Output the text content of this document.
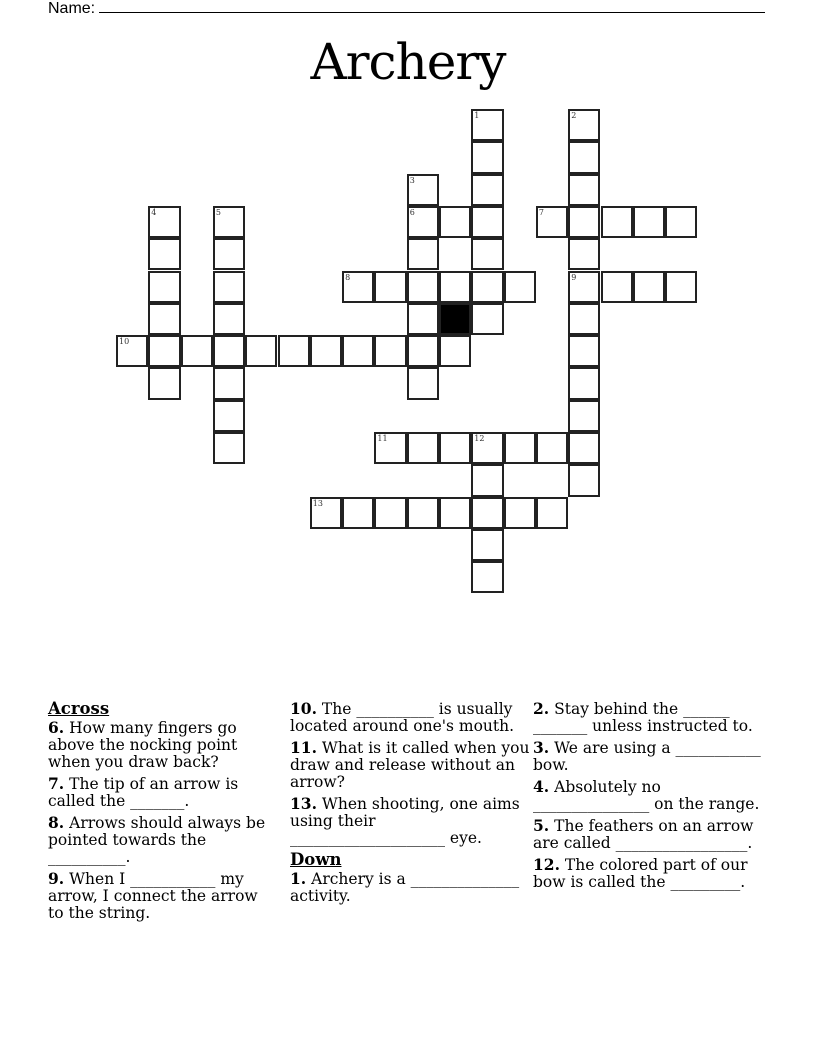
Name:
Archery
1	2
9
3
6	7
4	5
8
10
11	12
13
Across
6. How many fingers go above the nocking point when you draw back?
7. The tip of an arrow is called the _______.
8. Arrows should always be pointed towards the __________.
9. When I ___________ my arrow, I connect the arrow to the string.
10. The __________ is usually located around one's mouth.
11. What is it called when you draw and release without an arrow?
13. When shooting, one aims using their ____________________ eye.
Down
1. Archery is a ______________ activity.
2. Stay behind the ______ _______ unless instructed to.
3. We are using a ___________ bow.
4. Absolutely no _______________ on the range.
5. The feathers on an arrow are called _________________.
12. The colored part of our bow is called the _________.
